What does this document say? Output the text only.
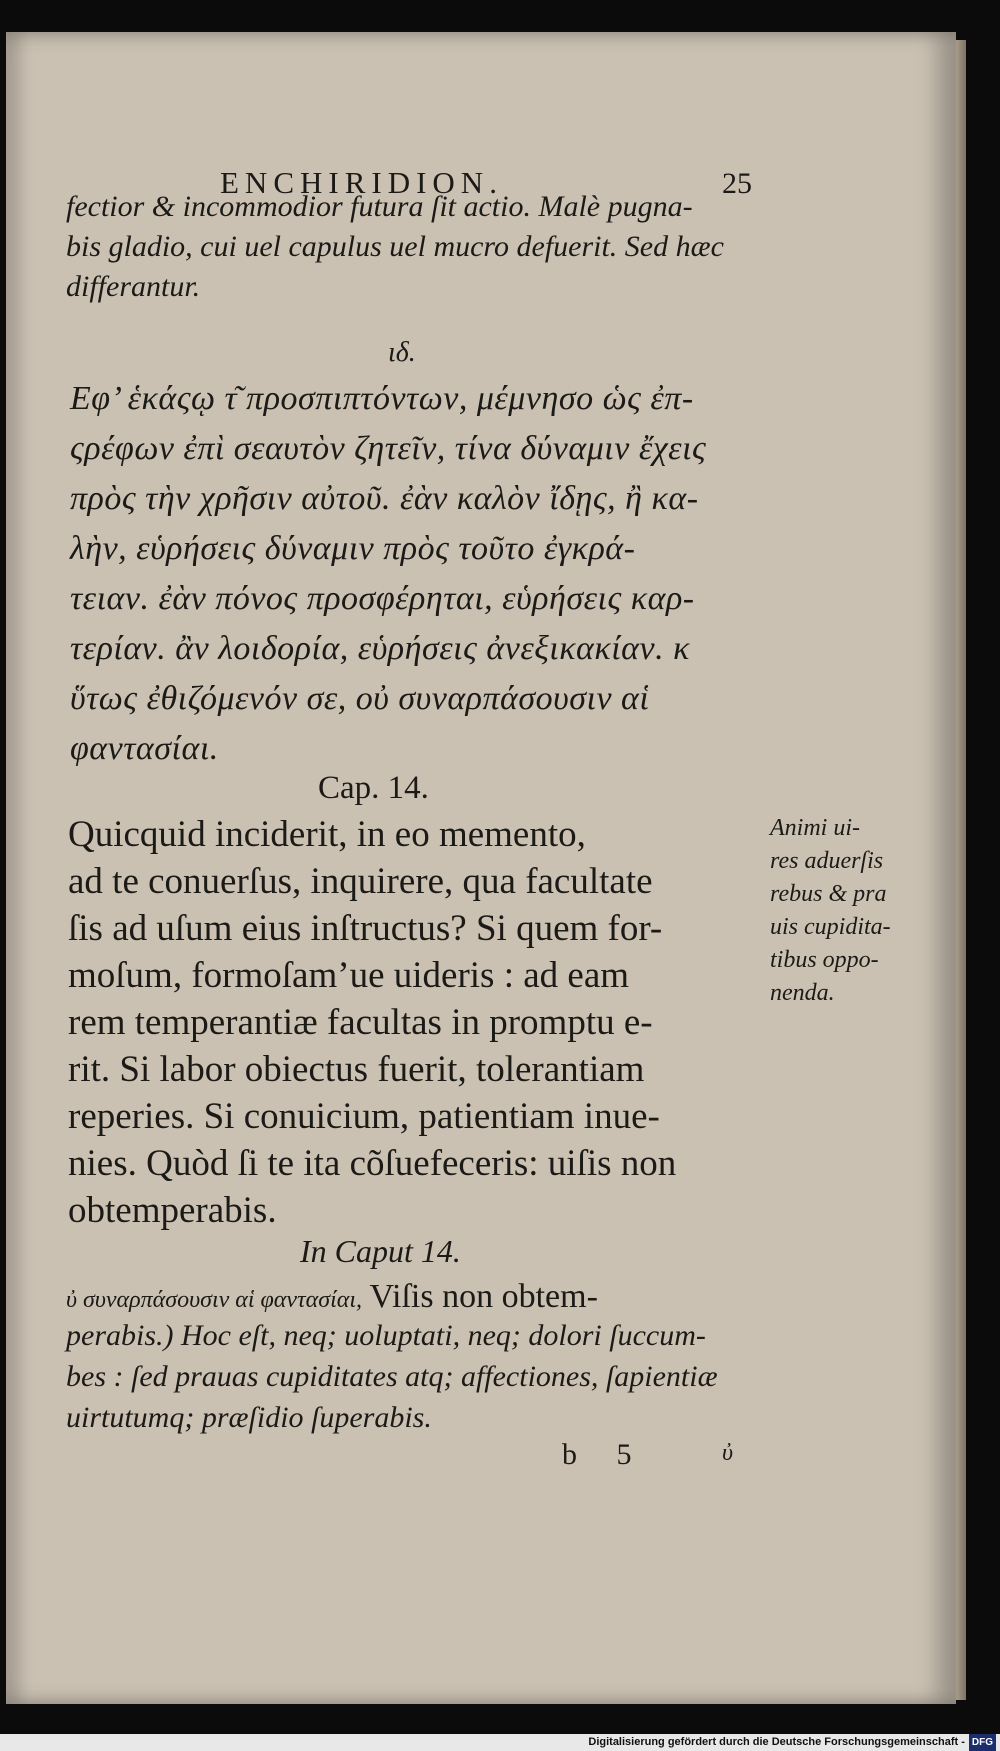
ENCHIRIDION.	25
fectior & incommodior futura ſit actio. Malè pugna-
bis gladio, cui uel capulus uel mucro defuerit. Sed hæc
differantur.
ιδ.
Εφ’ ἑκάςῳ τ͂ προσπιπτόντων, μέμνησο ὡς ἐπ-
ςρέφων ἐπὶ σεαυτὸν ζητεῖν, τίνα δύναμιν ἔχεις
πρὸς τὴν χρῆσιν αὐτοῦ. ἐὰν καλὸν ἴδῃς, ἢ κα-
λὴν, εὑρήσεις δύναμιν πρὸς τοῦτο ἐγκρά-
τειαν. ἐὰν πόνος προσφέρηται, εὑρήσεις καρ-
τερίαν. ἂν λοιδορία, εὑρήσεις ἀνεξικακίαν. κ
ὕτως ἐθιζόμενόν σε, οὐ συναρπάσουσιν αἱ
φαντασίαι.
Cap. 14.
Quicquid inciderit, in eo memento,
ad te conuerſus, inquirere, qua facultate
ſis ad uſum eius inſtructus? Si quem for-
moſum, formoſam’ue uideris : ad eam
rem temperantiæ facultas in promptu e-
rit. Si labor obiectus fuerit, tolerantiam
reperies. Si conuicium, patientiam inue-
nies. Quòd ſi te ita cõſuefeceris: uiſis non
obtemperabis.
Animi ui-
res aduerſis
rebus & pra
uis cupidita-
tibus oppo-
nenda.
In Caput 14.
ὐ συναρπάσουσιν αἱ φαντασίαι, Viſis non obtem-
perabis.) Hoc eſt, neq; uoluptati, neq; dolori ſuccum-
bes : ſed prauas cupiditates atq; affectiones, ſapientiæ
uirtutumq; præſidio ſuperabis.
b 5	ὐ
Digitalisierung gefördert durch die Deutsche Forschungsgemeinschaft - DFG
